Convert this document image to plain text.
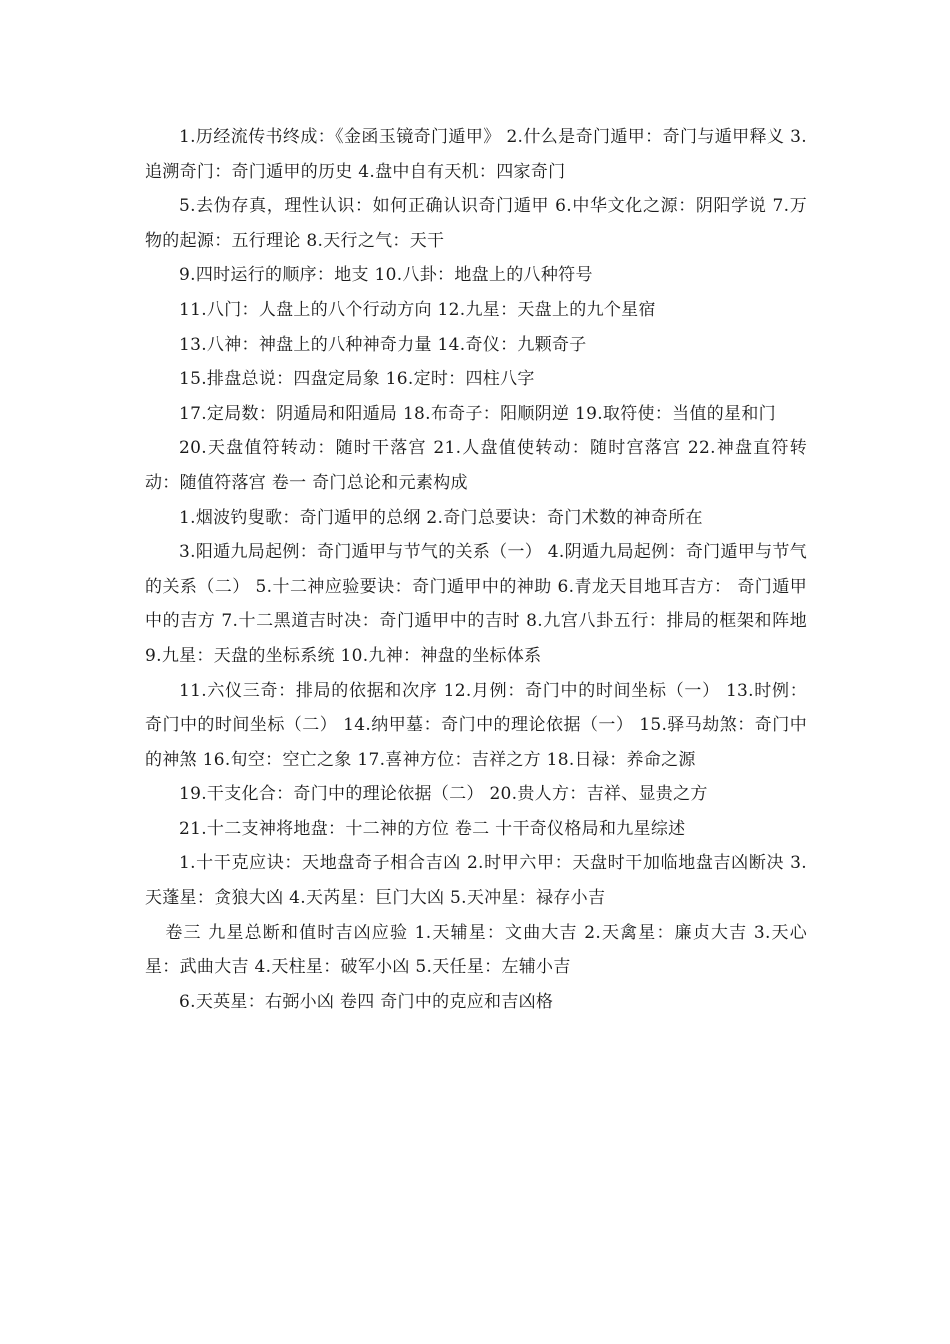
1.历经流传书终成：《金函玉镜奇门遁甲》 2.什么是奇门遁甲：奇门与遁甲释义 3.追溯奇门：奇门遁甲的历史 4.盘中自有天机：四家奇门

5.去伪存真，理性认识：如何正确认识奇门遁甲 6.中华文化之源：阴阳学说 7.万物的起源：五行理论 8.天行之气：天干

9.四时运行的顺序：地支 10.八卦：地盘上的八种符号

11.八门：人盘上的八个行动方向 12.九星：天盘上的九个星宿

13.八神：神盘上的八种神奇力量 14.奇仪：九颗奇子

15.排盘总说：四盘定局象 16.定时：四柱八字

17.定局数：阴遁局和阳遁局 18.布奇子：阳顺阴逆 19.取符使：当值的星和门

20.天盘值符转动：随时干落宫 21.人盘值使转动：随时宫落宫 22.神盘直符转动：随值符落宫 卷一 奇门总论和元素构成

1.烟波钓叟歌：奇门遁甲的总纲 2.奇门总要诀：奇门术数的神奇所在

3.阳遁九局起例：奇门遁甲与节气的关系（一） 4.阴遁九局起例：奇门遁甲与节气的关系（二） 5.十二神应验要诀：奇门遁甲中的神助 6.青龙天目地耳吉方： 奇门遁甲中的吉方 7.十二黑道吉时决：奇门遁甲中的吉时 8.九宫八卦五行：排局的框架和阵地 9.九星：天盘的坐标系统 10.九神：神盘的坐标体系

11.六仪三奇：排局的依据和次序 12.月例：奇门中的时间坐标（一） 13.时例：奇门中的时间坐标（二） 14.纳甲墓：奇门中的理论依据（一） 15.驿马劫煞：奇门中的神煞 16.旬空：空亡之象 17.喜神方位：吉祥之方 18.日禄：养命之源

19.干支化合：奇门中的理论依据（二） 20.贵人方：吉祥、显贵之方

21.十二支神将地盘：十二神的方位 卷二 十干奇仪格局和九星综述

1.十干克应诀：天地盘奇子相合吉凶 2.时甲六甲：天盘时干加临地盘吉凶断决 3.天蓬星：贪狼大凶 4.天芮星：巨门大凶 5.天冲星：禄存小吉

卷三 九星总断和值时吉凶应验 1.天辅星：文曲大吉 2.天禽星：廉贞大吉 3.天心星：武曲大吉 4.天柱星：破军小凶 5.天任星：左辅小吉

6.天英星：右弼小凶 卷四 奇门中的克应和吉凶格
